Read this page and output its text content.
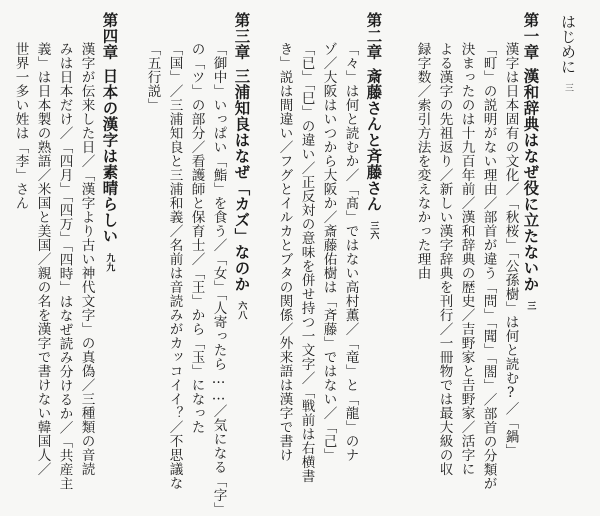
はじめに三
第一章漢和辞典はなぜ役に立たないか三
漢字は日本固有の文化／「秋桜」「公孫樹」は何と読む?／「鍋」
「町」の説明がない理由／部首が違う「問」「聞」「閤」／部首の分類が
決まったのは十九百年前／漢和辞典の歴史／吉野家と𠮷野家／活字に
よる漢字の先祖返り／新しい漢字辞典を刊行／一冊物では最大級の収
録字数／索引方法を変えなかった理由
第二章斎藤さんと斉藤さん三六
「々」は何と読むか／「髙」ではない高村薫／「竜」と「龍」のナ
ゾ／大阪はいつから大阪か／斎藤佑樹は「斉藤」ではない／「己」
「已」「巳」の違い／正反対の意味を併せ持つ一文字／「戦前は右横書
き」説は間違い／フグとイルカとブタの関係／外来語は漢字で書け
第三章三浦知良はなぜ「カズ」なのか六八
「御中」いっぱい「鮨」を食う／「女」「人寄ったら……／気になる「字」
の「ツ」の部分／看護師と保育士／「王」から「玉」になった
「国」／三浦知良と三浦和義／名前は音読みがカッコイイ？／不思議な
「五行説」
第四章日本の漢字は素晴らしい九九
漢字が伝来した日／「漢字より古い神代文字」の真偽／三種類の音読
みは日本だけ／「四月」「四万」「四時」はなぜ読み分けるか／「共産主
義」は日本製の熟語／米国と美国／親の名を漢字で書けない韓国人／
世界一多い姓は「李」さん
